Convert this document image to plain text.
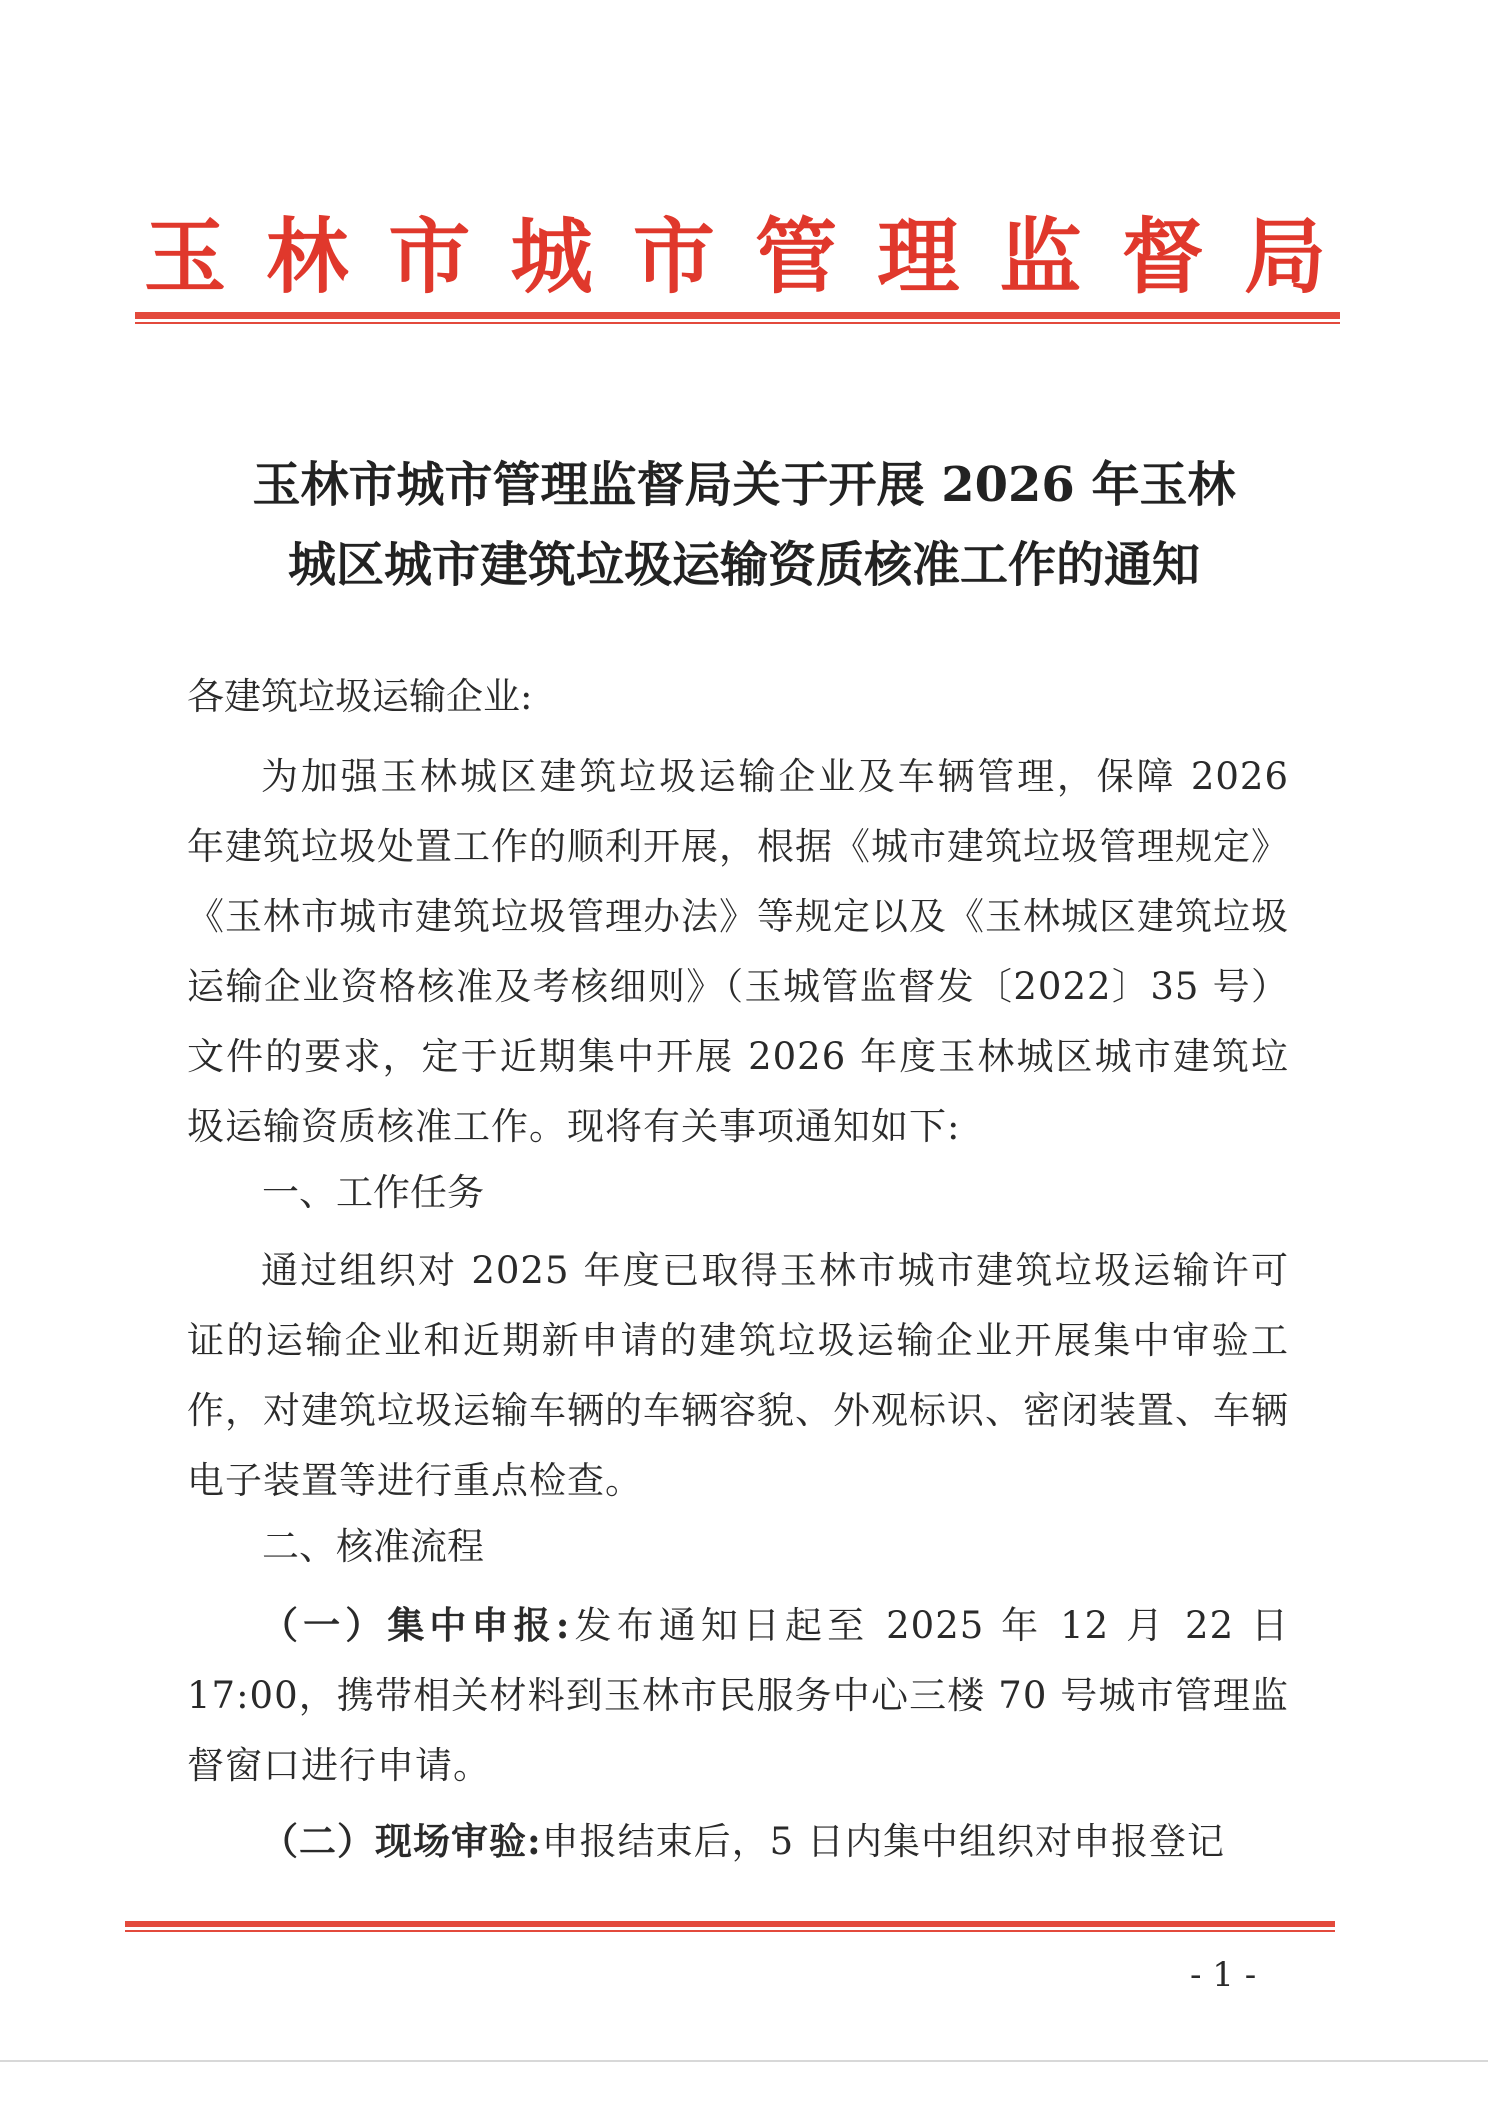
玉 林 市 城 市 管 理 监 督 局
玉林市城市管理监督局关于开展 2026 年玉林
城区城市建筑垃圾运输资质核准工作的通知
各建筑垃圾运输企业:

为加强玉林城区建筑垃圾运输企业及车辆管理，保障 2026 年建筑垃圾处置工作的顺利开展，根据《城市建筑垃圾管理规定》《玉林市城市建筑垃圾管理办法》等规定以及《玉林城区建筑垃圾运输企业资格核准及考核细则》（玉城管监督发〔2022〕35 号）文件的要求，定于近期集中开展 2026 年度玉林城区城市建筑垃圾运输资质核准工作。现将有关事项通知如下:

一、工作任务

通过组织对 2025 年度已取得玉林市城市建筑垃圾运输许可证的运输企业和近期新申请的建筑垃圾运输企业开展集中审验工作，对建筑垃圾运输车辆的车辆容貌、外观标识、密闭装置、车辆电子装置等进行重点检查。

二、核准流程

（一）集中申报:发布通知日起至 2025 年 12 月 22 日 17:00，携带相关材料到玉林市民服务中心三楼 70 号城市管理监督窗口进行申请。

（二）现场审验:申报结束后，5 日内集中组织对申报登记

- 1 -
